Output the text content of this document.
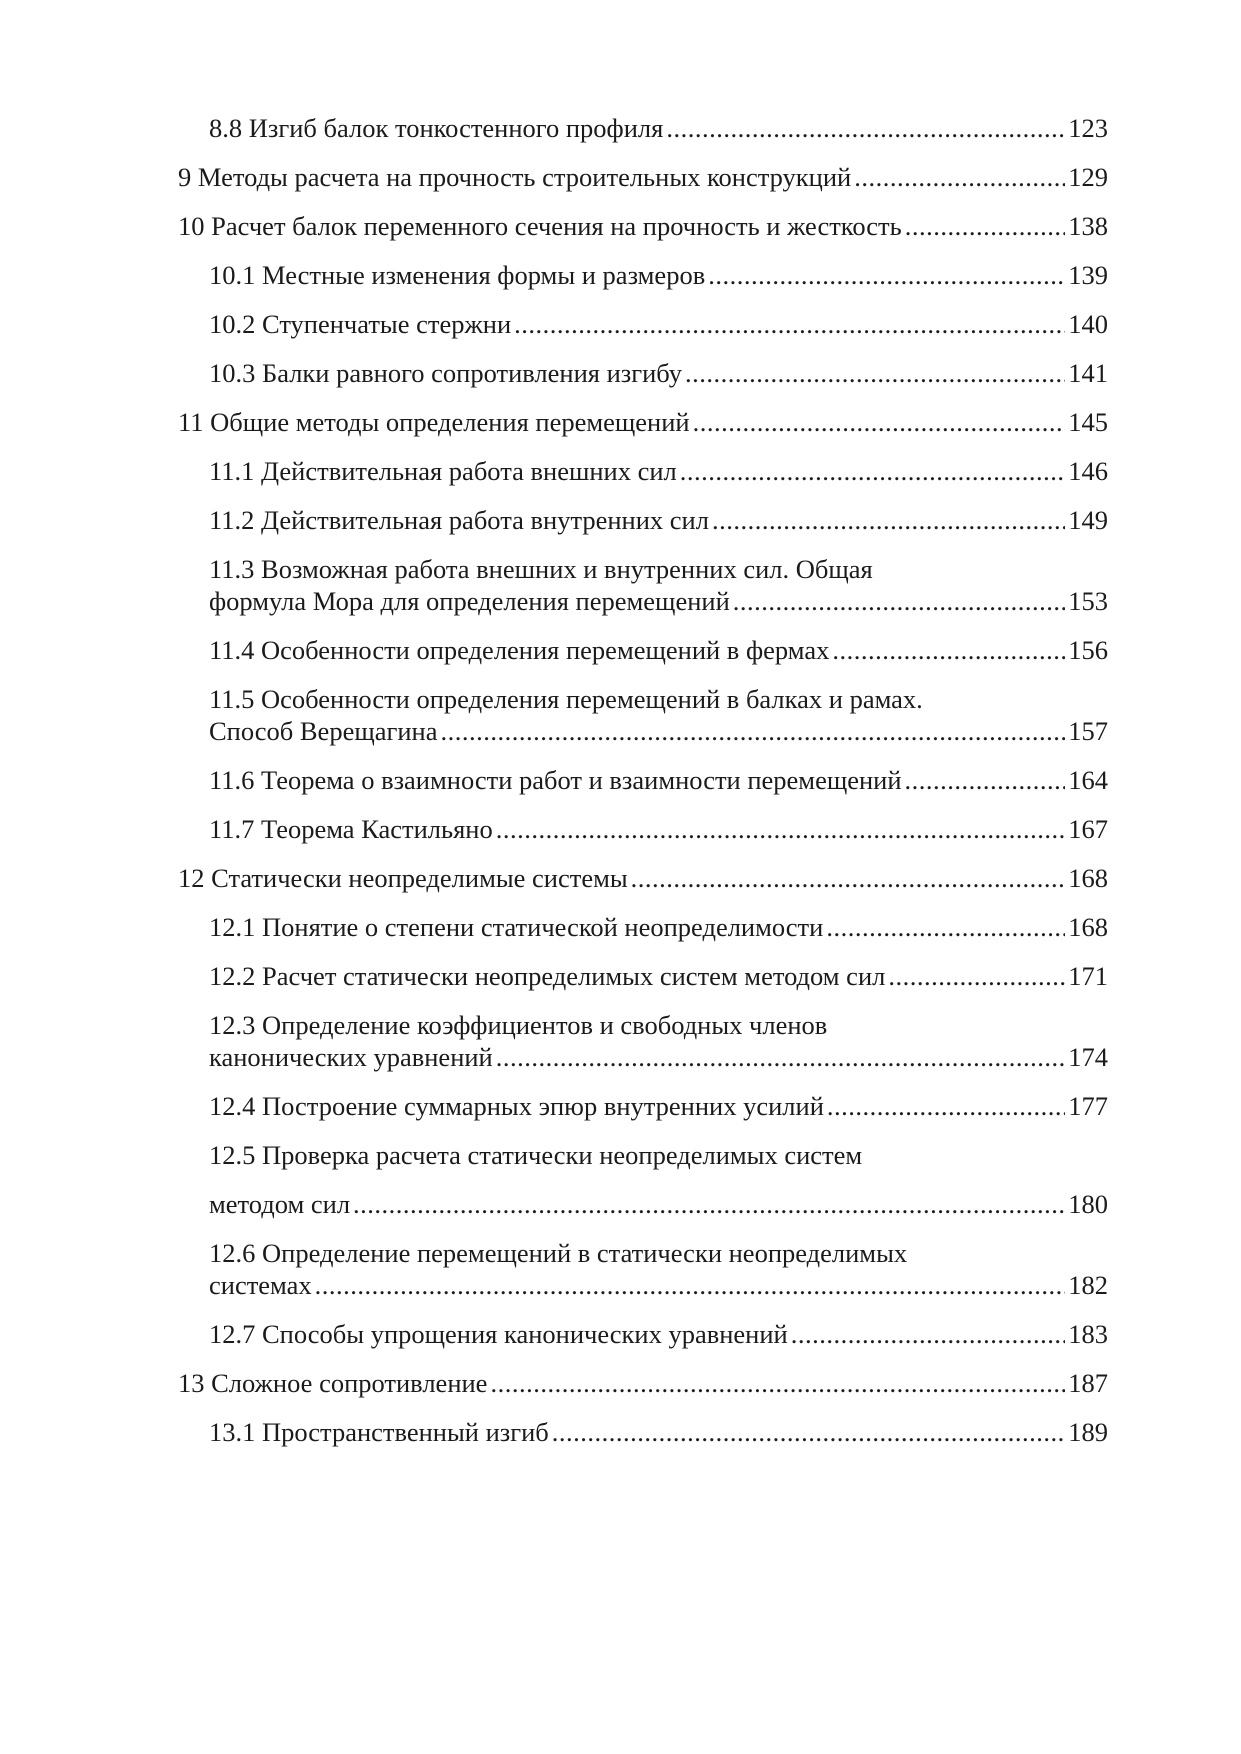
8.8 Изгиб балок тонкостенного профиля .....	123
9 Методы расчета на прочность строительных конструкций .....	129
10 Расчет балок переменного сечения на прочность и жесткость .....	138
10.1 Местные изменения формы и размеров .....	139
10.2 Ступенчатые стержни .....	140
10.3 Балки равного сопротивления изгибу .....	141
11 Общие методы определения перемещений .....	145
11.1 Действительная работа внешних сил .....	146
11.2 Действительная работа внутренних сил .....	149
11.3 Возможная работа внешних и внутренних сил. Общая
формула Мора для определения перемещений .....	153
11.4 Особенности определения перемещений в фермах .....	156
11.5 Особенности определения перемещений в балках и рамах.
Способ Верещагина .....	157
11.6 Теорема о взаимности работ и взаимности перемещений .....	164
11.7 Теорема Кастильяно .....	167
12 Статически неопределимые системы .....	168
12.1 Понятие о степени статической неопределимости .....	168
12.2 Расчет статически неопределимых систем методом сил .....	171
12.3 Определение коэффициентов и свободных членов
канонических уравнений .....	174
12.4 Построение суммарных эпюр внутренних усилий .....	177
12.5 Проверка расчета статически неопределимых систем
методом сил .....	180
12.6 Определение перемещений в статически неопределимых
системах .....	182
12.7 Способы упрощения канонических уравнений .....	183
13 Сложное сопротивление .....	187
13.1 Пространственный изгиб .....	189
